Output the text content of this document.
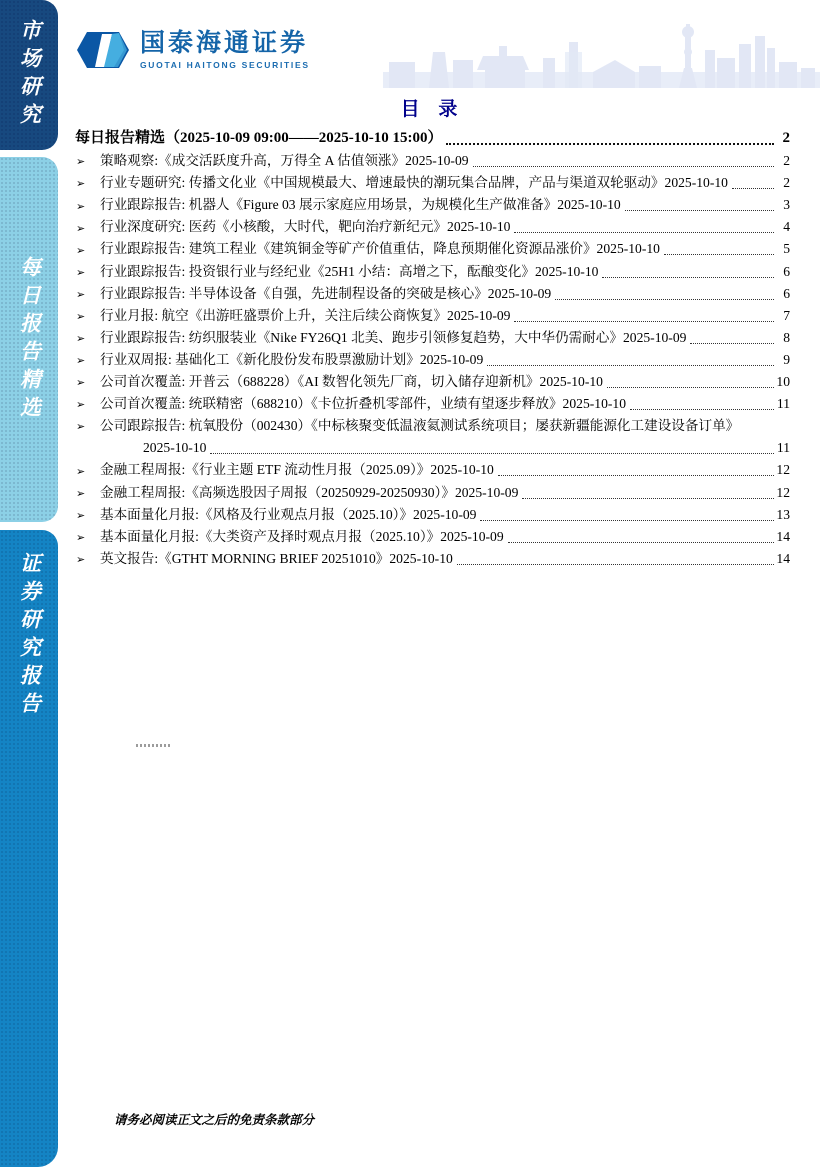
市场研究
每日报告精选
证券研究报告
国泰海通证券
GUOTAI HAITONG SECURITIES
目 录
每日报告精选（2025-10-09 09:00——2025-10-10 15:00）	2
➢	策略观察:《成交活跃度升高，万得全 A 估值领涨》2025-10-09	2
➢	行业专题研究: 传播文化业《中国规模最大、增速最快的潮玩集合品牌，产品与渠道双轮驱动》2025-10-10	2
➢	行业跟踪报告: 机器人《Figure 03 展示家庭应用场景，为规模化生产做准备》2025-10-10	3
➢	行业深度研究: 医药《小核酸，大时代，靶向治疗新纪元》2025-10-10	4
➢	行业跟踪报告: 建筑工程业《建筑铜金等矿产价值重估，降息预期催化资源品涨价》2025-10-10	5
➢	行业跟踪报告: 投资银行业与经纪业《25H1 小结：高增之下，酝酿变化》2025-10-10	6
➢	行业跟踪报告: 半导体设备《自强，先进制程设备的突破是核心》2025-10-09	6
➢	行业月报: 航空《出游旺盛票价上升，关注后续公商恢复》2025-10-09	7
➢	行业跟踪报告: 纺织服装业《Nike FY26Q1 北美、跑步引领修复趋势，大中华仍需耐心》2025-10-09	8
➢	行业双周报: 基础化工《新化股份发布股票激励计划》2025-10-09	9
➢	公司首次覆盖: 开普云（688228）《AI 数智化领先厂商，切入储存迎新机》2025-10-10	10
➢	公司首次覆盖: 统联精密（688210）《卡位折叠机零部件，业绩有望逐步释放》2025-10-10	11
➢	公司跟踪报告: 杭氧股份（002430）《中标核聚变低温液氦测试系统项目；屡获新疆能源化工建设设备订单》
2025-10-10	11
➢	金融工程周报:《行业主题 ETF 流动性月报（2025.09）》2025-10-10	12
➢	金融工程周报:《高频选股因子周报（20250929-20250930）》2025-10-09	12
➢	基本面量化月报:《风格及行业观点月报（2025.10）》2025-10-09	13
➢	基本面量化月报:《大类资产及择时观点月报（2025.10）》2025-10-09	14
➢	英文报告:《GTHT MORNING BRIEF 20251010》2025-10-10	14
请务必阅读正文之后的免责条款部分
